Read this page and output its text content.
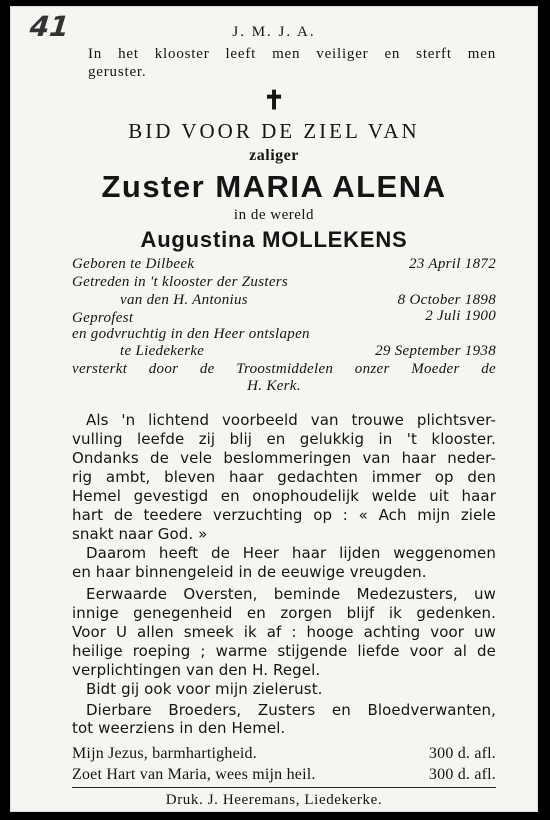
41	J. M. J. A.
In het klooster leeft men veiliger en sterft men
geruster.
✝
BID VOOR DE ZIEL VAN
zaliger
Zuster MARIA ALENA
in de wereld
Augustina MOLLEKENS
Geboren te Dilbeek	23 April 1872
Getreden in 't klooster der Zusters
van den H. Antonius	8 October 1898
Geprofest	2 Juli 1900
en godvruchtig in den Heer ontslapen
te Liedekerke	29 September 1938
versterkt door de Troostmiddelen onzer Moeder de
H. Kerk.
Als 'n lichtend voorbeeld van trouwe plichtsver-
vulling leefde zij blij en gelukkig in 't klooster.
Ondanks de vele beslommeringen van haar neder-
rig ambt, bleven haar gedachten immer op den
Hemel gevestigd en onophoudelijk welde uit haar
hart de teedere verzuchting op : « Ach mijn ziele
snakt naar God. »
Daarom heeft de Heer haar lijden weggenomen
en haar binnengeleid in de eeuwige vreugden.
Eerwaarde Oversten, beminde Medezusters, uw
innige genegenheid en zorgen blijf ik gedenken.
Voor U allen smeek ik af : hooge achting voor uw
heilige roeping ; warme stijgende liefde voor al de
verplichtingen van den H. Regel.
Bidt gij ook voor mijn zielerust.
Dierbare Broeders, Zusters en Bloedverwanten,
tot weerziens in den Hemel.
Mijn Jezus, barmhartigheid.	300 d. afl.
Zoet Hart van Maria, wees mijn heil.	300 d. afl.
Druk. J. Heeremans, Liedekerke.
